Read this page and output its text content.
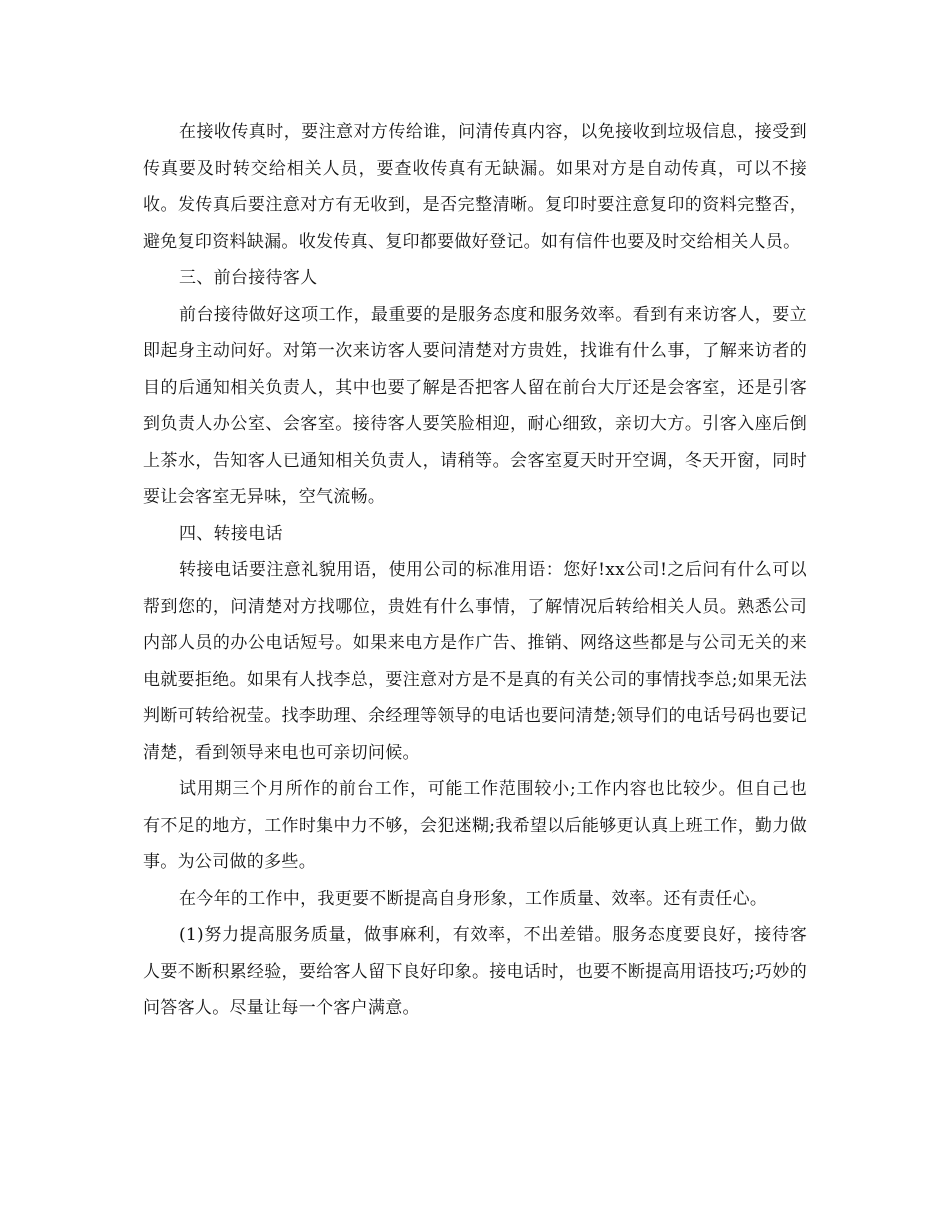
在接收传真时，要注意对方传给谁，问清传真内容，以免接收到垃圾信息，接受到传真要及时转交给相关人员，要查收传真有无缺漏。如果对方是自动传真，可以不接收。发传真后要注意对方有无收到，是否完整清晰。复印时要注意复印的资料完整否，避免复印资料缺漏。收发传真、复印都要做好登记。如有信件也要及时交给相关人员。

三、前台接待客人

前台接待做好这项工作，最重要的是服务态度和服务效率。看到有来访客人，要立即起身主动问好。对第一次来访客人要问清楚对方贵姓，找谁有什么事，了解来访者的目的后通知相关负责人，其中也要了解是否把客人留在前台大厅还是会客室，还是引客到负责人办公室、会客室。接待客人要笑脸相迎，耐心细致，亲切大方。引客入座后倒上茶水，告知客人已通知相关负责人，请稍等。会客室夏天时开空调，冬天开窗，同时要让会客室无异味，空气流畅。

四、转接电话

转接电话要注意礼貌用语，使用公司的标准用语：您好!xx公司!之后问有什么可以帮到您的，问清楚对方找哪位，贵姓有什么事情，了解情况后转给相关人员。熟悉公司内部人员的办公电话短号。如果来电方是作广告、推销、网络这些都是与公司无关的来电就要拒绝。如果有人找李总，要注意对方是不是真的有关公司的事情找李总;如果无法判断可转给祝莹。找李助理、余经理等领导的电话也要问清楚;领导们的电话号码也要记清楚，看到领导来电也可亲切问候。

试用期三个月所作的前台工作，可能工作范围较小;工作内容也比较少。但自己也有不足的地方，工作时集中力不够，会犯迷糊;我希望以后能够更认真上班工作，勤力做事。为公司做的多些。

在今年的工作中，我更要不断提高自身形象，工作质量、效率。还有责任心。

(1)努力提高服务质量，做事麻利，有效率，不出差错。服务态度要良好，接待客人要不断积累经验，要给客人留下良好印象。接电话时，也要不断提高用语技巧;巧妙的问答客人。尽量让每一个客户满意。
